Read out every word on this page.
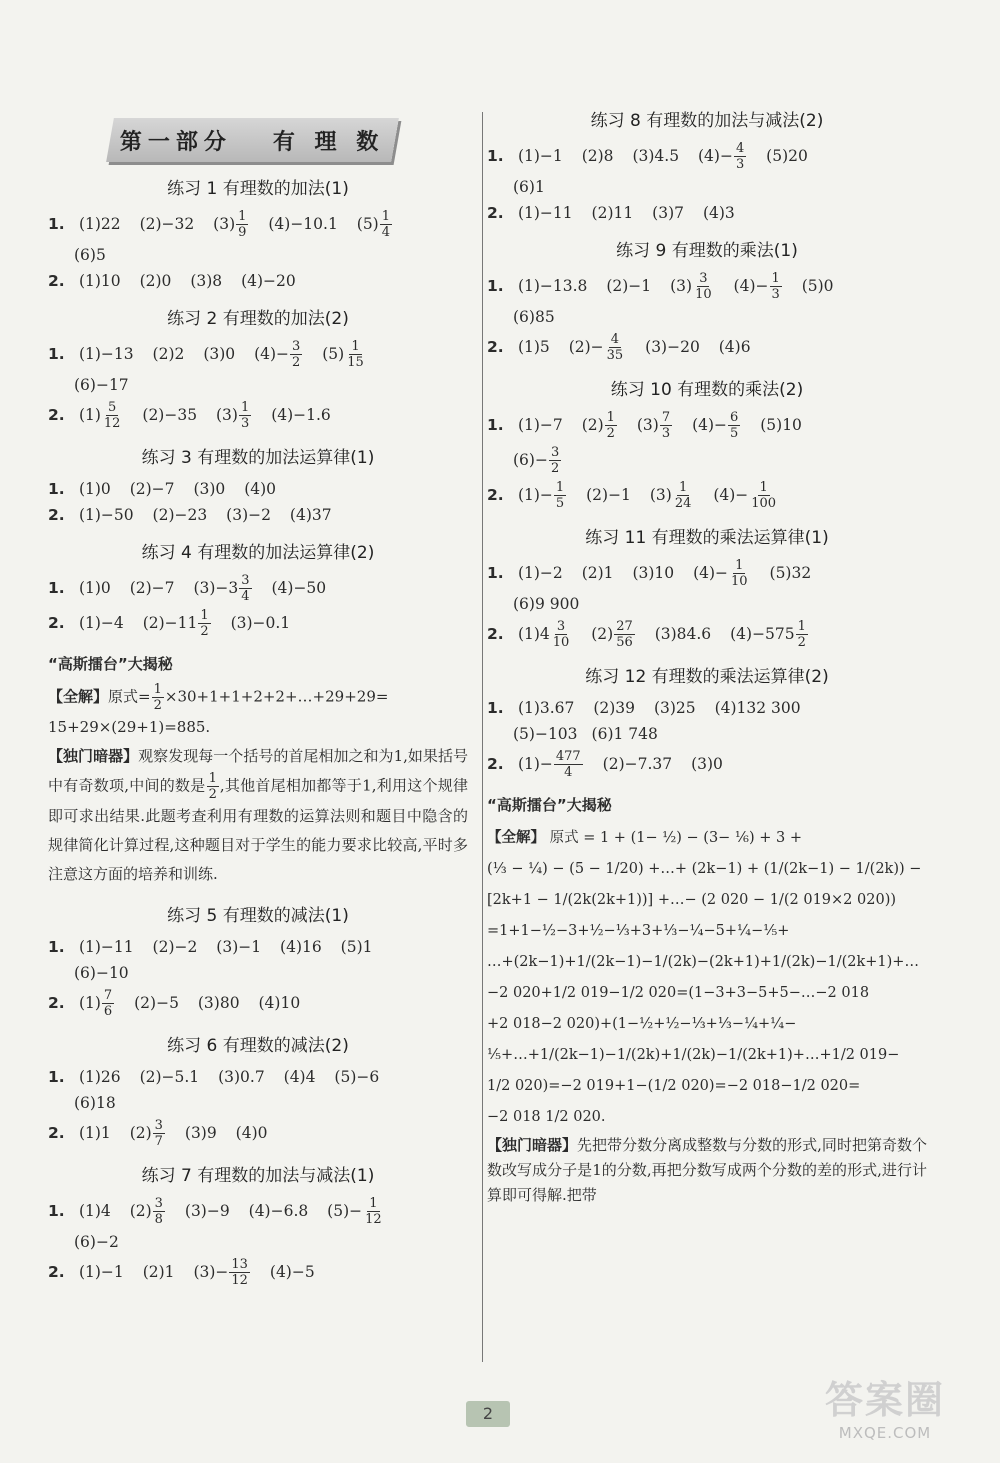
第一部分   有 理 数
练习 1 有理数的加法(1)
1. (1)22 (2)−32 $(3) \frac{1}{9} (4)-10.1$ $(5) \frac{1}{4}$
(6)5
2. (1)10 (2)0 (3)8 (4)−20
练习 2 有理数的加法(2)
1. (1)−13 (2)2 (3)0 $(4)- \frac{3}{2} (5) \frac{1}{15}$
(6)−17
2. $(1) \frac{5}{12} (2)-35$ $(3) \frac{1}{3} (4)-1.6$
练习 3 有理数的加法运算律(1)
1. (1)0 (2)−7 (3)0 (4)0
2. (1)−50 (2)−23 (3)−2 (4)37
练习 4 有理数的加法运算律(2)
1. (1)0 (2)−7 $(3)-3 \frac{3}{4} (4)-50$
2. (1)−4 $(2)-11 \frac{1}{2} (3)-0.1$
“高斯擂台”大揭秘
【全解】原式= $\frac{1}{2}$ ×30+1+1+2+2+…+29+29=
15+29×(29+1)=885.
【独门暗器】观察发现每一个括号的首尾相加之和为1,如果括号中有奇数项,中间的数是 $\frac{1}{2}$ ,其他首尾相加都等于1,利用这个规律即可求出结果.此题考查利用有理数的运算法则和题目中隐含的规律简化计算过程,这种题目对于学生的能力要求比较高,平时多注意这方面的培养和训练.
练习 5 有理数的减法(1)
1. (1)−11 (2)−2 (3)−1 (4)16 (5)1
(6)−10
2. $(1) \frac{7}{6} (2)-5$ (3)80 (4)10
练习 6 有理数的减法(2)
1. (1)26 (2)−5.1 (3)0.7 (4)4 (5)−6
(6)18
2. (1)1 $(2) \frac{3}{7} (3)9$ (4)0
练习 7 有理数的加法与减法(1)
1. (1)4 $(2) \frac{3}{8} (3)-9$ (4)−6.8 $(5)- \frac{1}{12}$
(6)−2
2. (1)−1 (2)1 $(3)- \frac{13}{12} (4)-5$
练习 8 有理数的加法与减法(2)
1. (1)−1 (2)8 (3)4.5 $(4)- \frac{4}{3} (5)20$
(6)1
2. (1)−11 (2)11 (3)7 (4)3
练习 9 有理数的乘法(1)
1. (1)−13.8 (2)−1 $(3) \frac{3}{10} (4)- \frac{1}{3} (5)0$
(6)85
2. (1)5 $(2)- \frac{4}{35} (3)-20$ (4)6
练习 10 有理数的乘法(2)
1. (1)−7 $(2) \frac{1}{2} (3) \frac{7}{3} (4)- \frac{6}{5} (5)10$
$(6)- \frac{3}{2}$
2. $(1)- \frac{1}{5} (2)-1$ $(3) \frac{1}{24} (4)- \frac{1}{100}$
练习 11 有理数的乘法运算律(1)
1. (1)−2 (2)1 (3)10 $(4)- \frac{1}{10} (5)32$
(6)9 900
2. $(1)4 \frac{3}{10} (2) \frac{27}{56} (3)84.6$ $(4)-575 \frac{1}{2}$
练习 12 有理数的乘法运算律(2)
1. (1)3.67 (2)39 (3)25 (4)132 300
(5)−103 (6)1 748
2. $(1)- \frac{477}{4} (2)-7.37$ (3)0
“高斯擂台”大揭秘
【全解】 原式 = 1 + (1− ½) − (3− ⅙) + 3 +
(⅓ − ¼) − (5 − 1/20) +…+ (2k−1) + (1/(2k−1) − 1/(2k)) −
[2k+1 − 1/(2k(2k+1))] +…− (2 020 − 1/(2 019×2 020))
=1+1−½−3+½−⅓+3+⅓−¼−5+¼−⅕+
…+(2k−1)+1/(2k−1)−1/(2k)−(2k+1)+1/(2k)−1/(2k+1)+…
−2 020+1/2 019−1/2 020=(1−3+3−5+5−…−2 018
+2 018−2 020)+(1−½+½−⅓+⅓−¼+¼−
⅕+…+1/(2k−1)−1/(2k)+1/(2k)−1/(2k+1)+…+1/2 019−
1/2 020)=−2 019+1−(1/2 020)=−2 018−1/2 020=
−2 018 1/2 020.
【独门暗器】先把带分数分离成整数与分数的形式,同时把第奇数个数改写成分子是1的分数,再把分数写成两个分数的差的形式,进行计算即可得解.把带
2	答案圈
MXQE.COM
